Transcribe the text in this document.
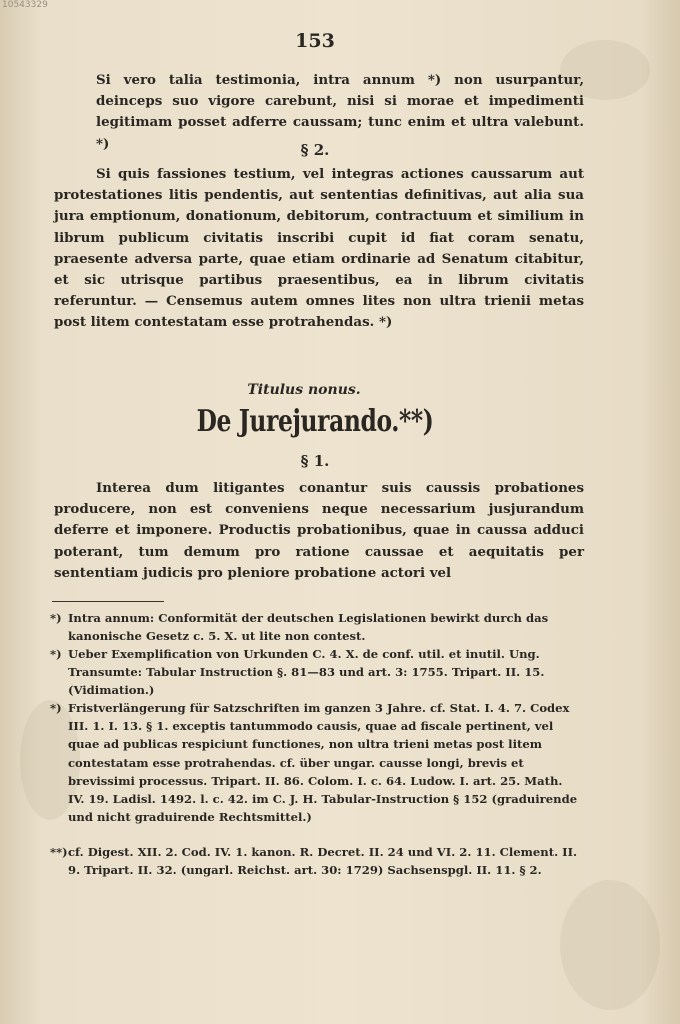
10543329
153

Si vero talia testimonia, intra annum *) non usurpantur, deinceps suo vigore carebunt, nisi si morae et impedimenti legitimam posset adferre caussam; tunc enim et ultra valebunt. *)	§ 2.

Si quis fassiones testium, vel integras actiones caussarum aut protestationes litis pendentis, aut sententias definitivas, aut alia sua jura emptionum, donationum, debitorum, contractuum et similium in librum publicum civitatis inscribi cupit id fiat coram senatu, praesente adversa parte, quae etiam ordinarie ad Senatum citabitur, et sic utrisque partibus praesentibus, ea in librum civitatis referuntur. — Censemus autem omnes lites non ultra trienii metas post litem contestatam esse protrahendas. *)

Titulus nonus.
De Jurejurando.**)
§ 1.

Interea dum litigantes conantur suis caussis probationes producere, non est conveniens neque necessarium jusjurandum deferre et imponere. Productis probationibus, quae in caussa adduci poterant, tum demum pro ratione caussae et aequitatis per sententiam judicis pro pleniore probatione actori vel

*) Intra annum: Conformität der deutschen Legislationen bewirkt durch das kanonische Gesetz c. 5. X. ut lite non contest.
*) Ueber Exemplification von Urkunden C. 4. X. de conf. util. et inutil. Ung. Transumte: Tabular Instruction §. 81—83 und art. 3: 1755. Tripart. II. 15. (Vidimation.)
*) Fristverlängerung für Satzschriften im ganzen 3 Jahre. cf. Stat. I. 4. 7. Codex III. 1. I. 13. § 1. exceptis tantummodo causis, quae ad fiscale pertinent, vel quae ad publicas respiciunt functiones, non ultra trieni metas post litem contestatam esse protrahendas. cf. über ungar. causse longi, brevis et brevissimi processus. Tripart. II. 86. Colom. I. c. 64. Ludow. I. art. 25. Math. IV. 19. Ladisl. 1492. l. c. 42. im C. J. H. Tabular-Instruction § 152 (graduirende und nicht graduirende Rechtsmittel.)
**) cf. Digest. XII. 2. Cod. IV. 1. kanon. R. Decret. II. 24 und VI. 2. 11. Clement. II. 9. Tripart. II. 32. (ungarl. Reichst. art. 30: 1729) Sachsenspgl. II. 11. § 2.
